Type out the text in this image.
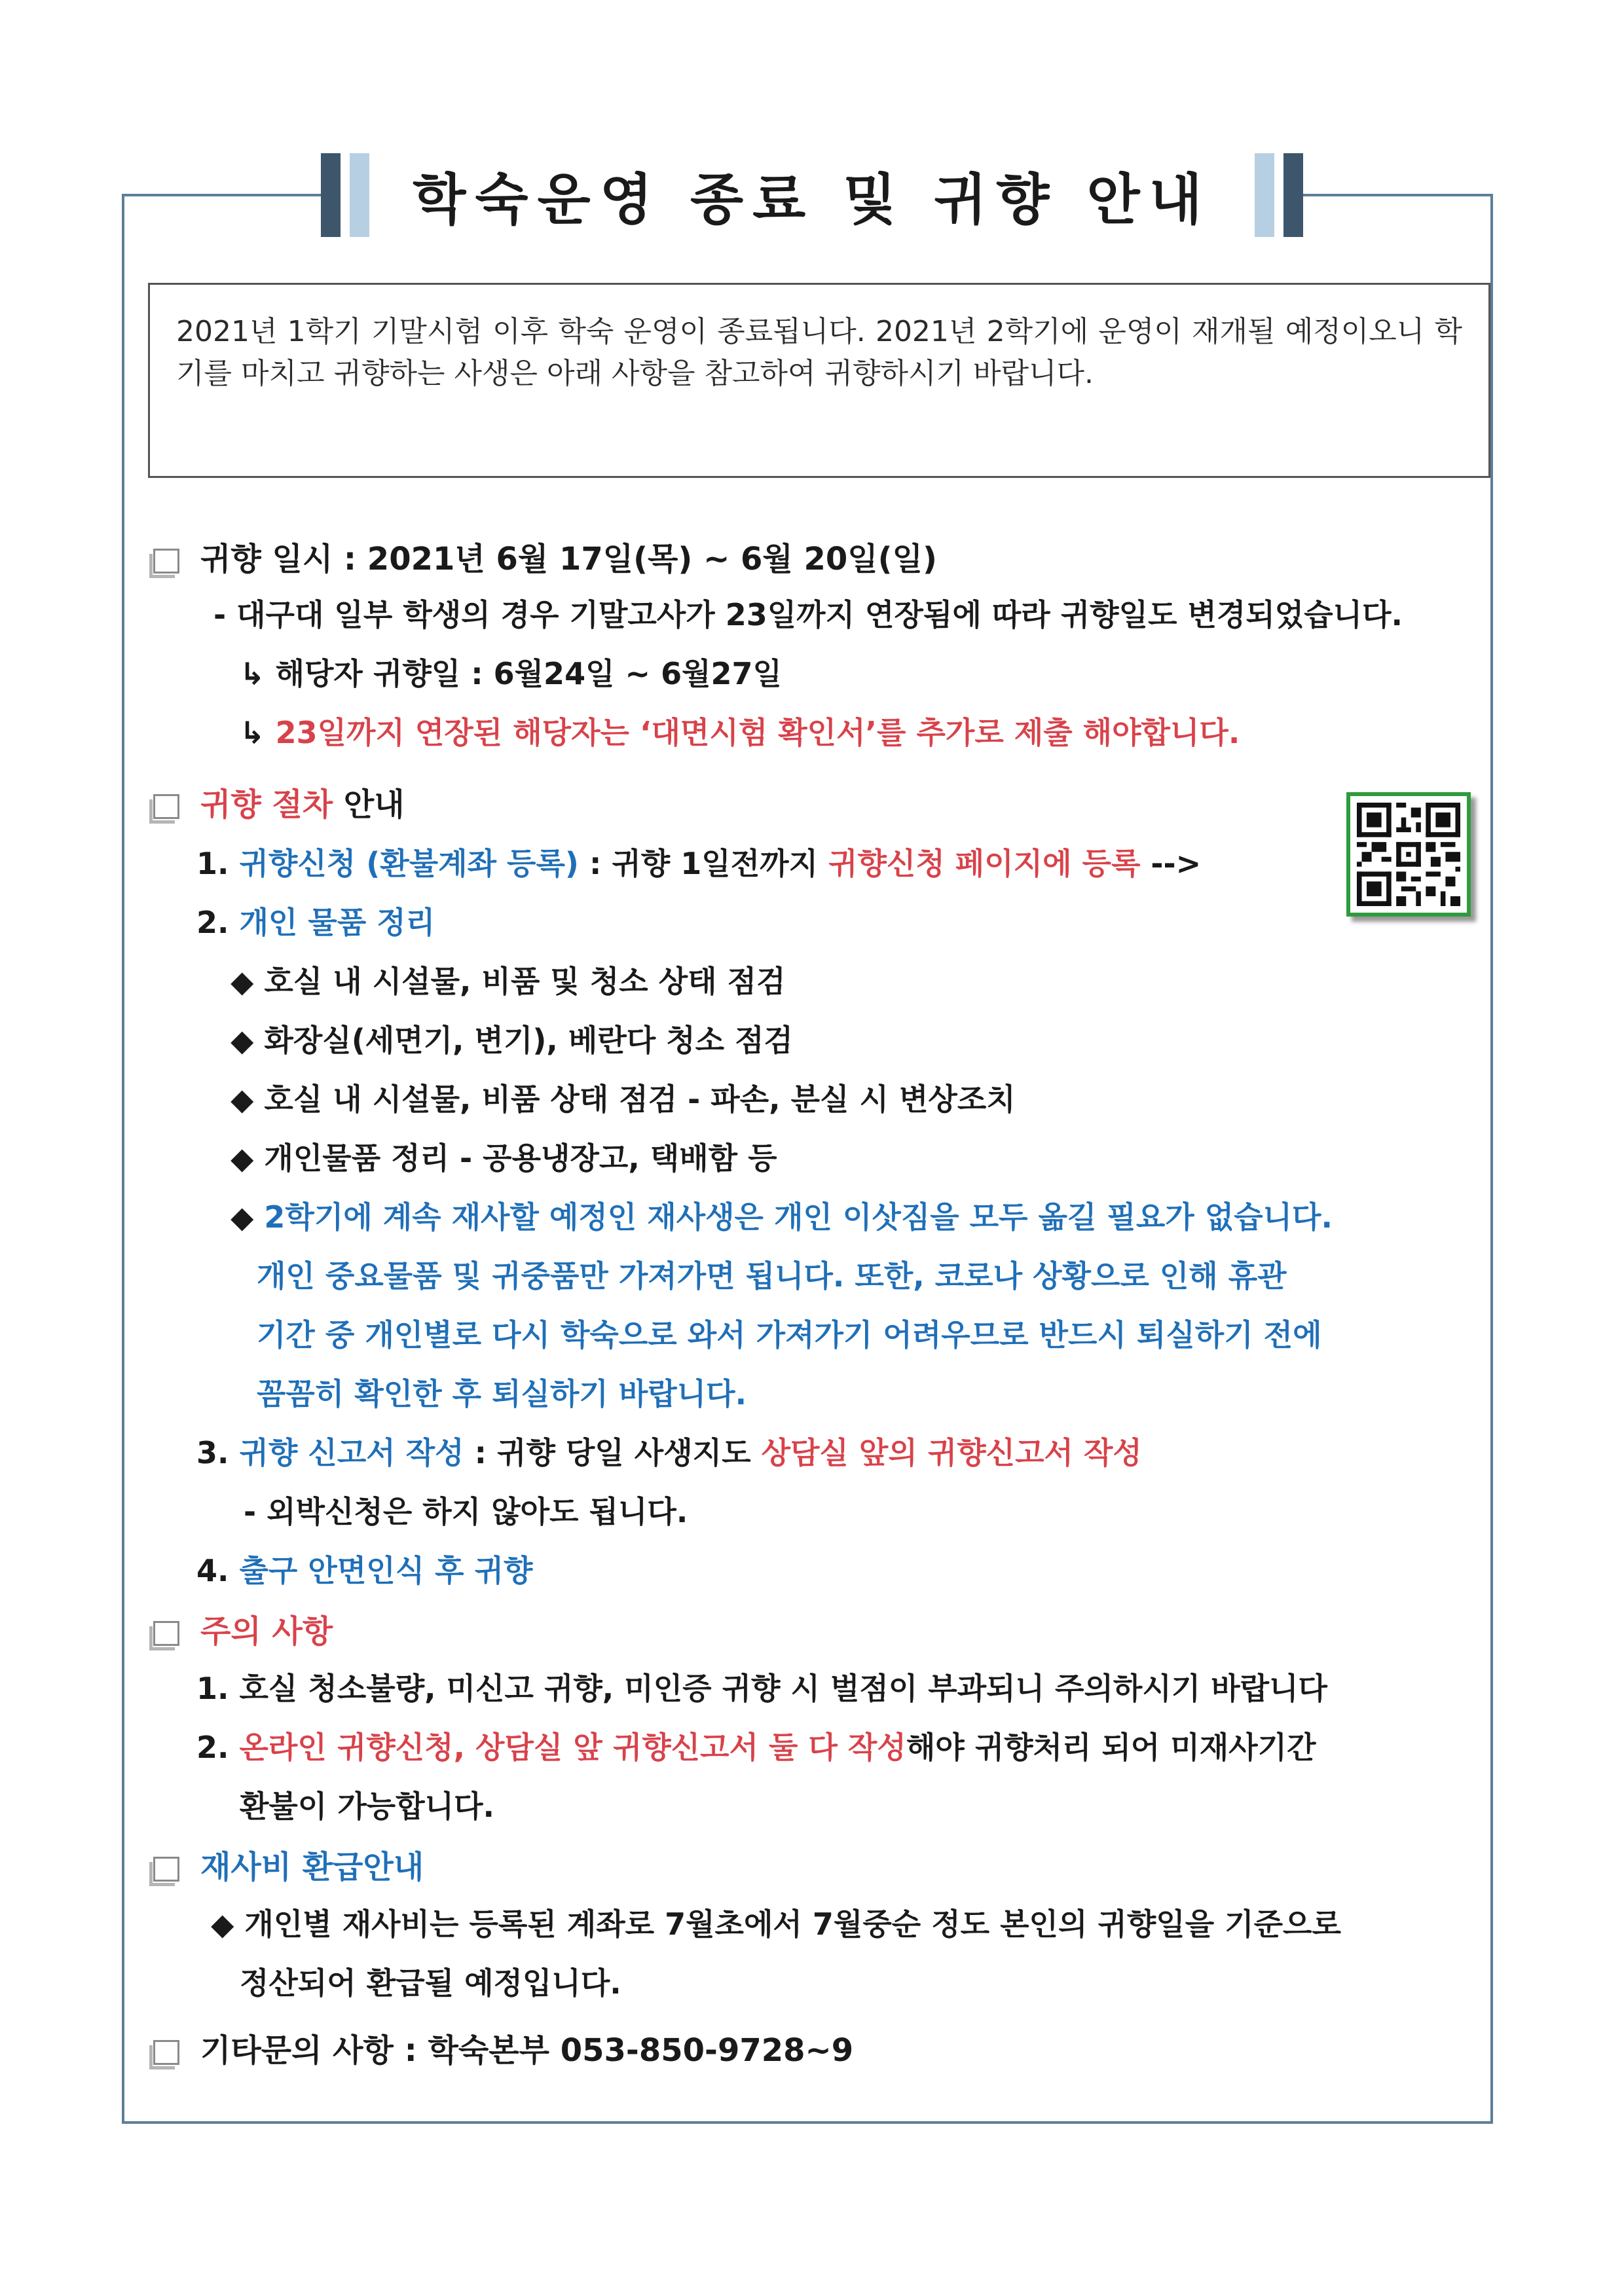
학숙운영 종료 및 귀향 안내
2021년 1학기 기말시험 이후 학숙 운영이 종료됩니다. 2021년 2학기에 운영이 재개될 예정이오니 학기를 마치고 귀향하는 사생은 아래 사항을 참고하여 귀향하시기 바랍니다.
귀향 일시 : 2021년 6월 17일(목) ~ 6월 20일(일)
- 대구대 일부 학생의 경우 기말고사가 23일까지 연장됨에 따라 귀향일도 변경되었습니다.
↳ 해당자 귀향일 : 6월24일 ~ 6월27일
↳ 23일까지 연장된 해당자는 ‘대면시험 확인서’를 추가로 제출 해야합니다.
귀향 절차 안내
1. 귀향신청 (환불계좌 등록) : 귀향 1일전까지 귀향신청 페이지에 등록 -->
2. 개인 물품 정리
◆ 호실 내 시설물, 비품 및 청소 상태 점검
◆ 화장실(세면기, 변기), 베란다 청소 점검
◆ 호실 내 시설물, 비품 상태 점검 - 파손, 분실 시 변상조치
◆ 개인물품 정리 - 공용냉장고, 택배함 등
◆ 2학기에 계속 재사할 예정인 재사생은 개인 이삿짐을 모두 옮길 필요가 없습니다.
개인 중요물품 및 귀중품만 가져가면 됩니다. 또한, 코로나 상황으로 인해 휴관
기간 중 개인별로 다시 학숙으로 와서 가져가기 어려우므로 반드시 퇴실하기 전에
꼼꼼히 확인한 후 퇴실하기 바랍니다.
3. 귀향 신고서 작성 : 귀향 당일 사생지도 상담실 앞의 귀향신고서 작성
- 외박신청은 하지 않아도 됩니다.
4. 출구 안면인식 후 귀향
주의 사항
1. 호실 청소불량, 미신고 귀향, 미인증 귀향 시 벌점이 부과되니 주의하시기 바랍니다
2. 온라인 귀향신청, 상담실 앞 귀향신고서 둘 다 작성해야 귀향처리 되어 미재사기간
환불이 가능합니다.
재사비 환급안내
◆ 개인별 재사비는 등록된 계좌로 7월초에서 7월중순 정도 본인의 귀향일을 기준으로
정산되어 환급될 예정입니다.
기타문의 사항 : 학숙본부 053-850-9728~9
